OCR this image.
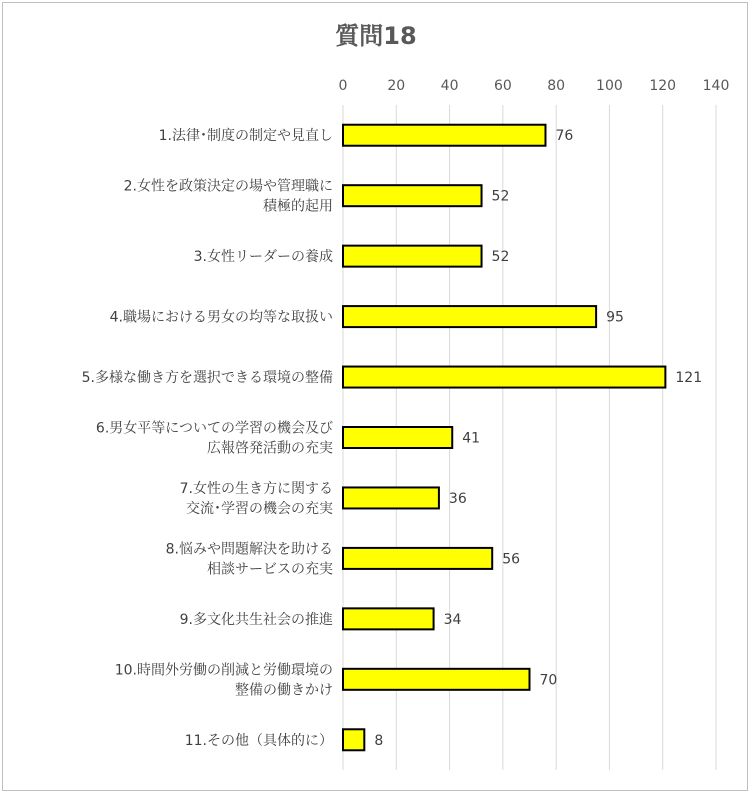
質問18
0	20	40	60	80 100 120 140
1.法律･制度の制定や見直し
2.女性を政策決定の場や管理職に
積極的起用
3.女性リーダーの養成
4.職場における男女の均等な取扱い
5.多様な働き方を選択できる環境の整備
6.男女平等についての学習の機会及び
広報啓発活動の充実
7.女性の生き方に関する
交流･学習の機会の充実
8.悩みや問題解決を助ける
相談サービスの充実
9.多文化共生社会の推進
10.時間外労働の削減と労働環境の
整備の働きかけ
11.その他（具体的に）
76
52
52
95
121
41
36
56
34
70
8
